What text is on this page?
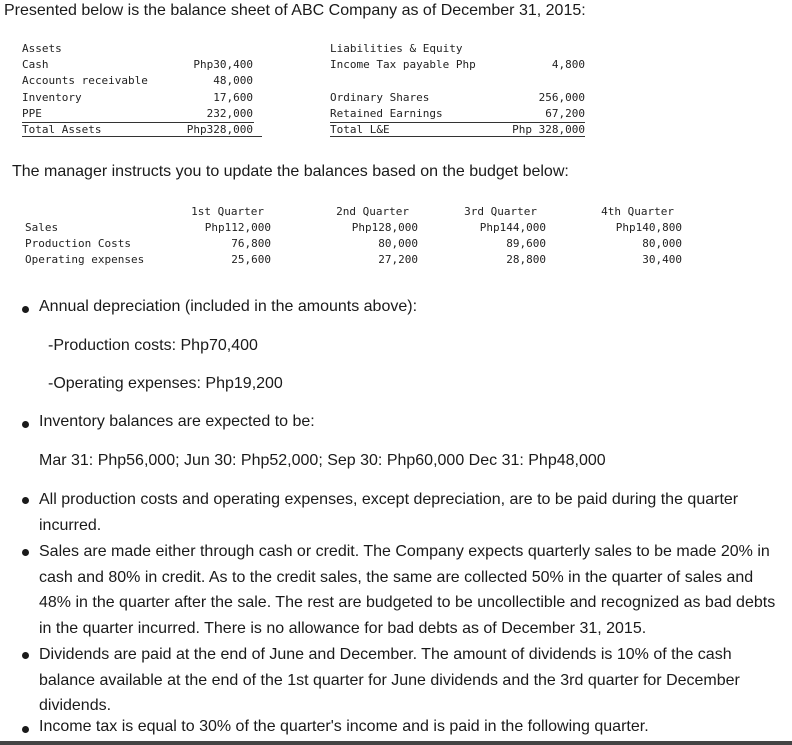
Presented below is the balance sheet of ABC Company as of December 31, 2015:
Assets
Cash	Php30,400
Accounts receivable	48,000
Inventory	17,600
PPE	232,000
Total Assets	Php328,000
Liabilities & Equity
Income Tax payable Php	4,800
Ordinary Shares	256,000
Retained Earnings	67,200
Total L&E	Php 328,000
The manager instructs you to update the balances based on the budget below:
1st Quarter	2nd Quarter	3rd Quarter	4th Quarter
Sales	Php112,000	Php128,000	Php144,000	Php140,800
Production Costs	76,800	80,000	89,600	80,000
Operating expenses	25,600	27,200	28,800	30,400
Annual depreciation (included in the amounts above):
-Production costs: Php70,400
-Operating expenses: Php19,200
Inventory balances are expected to be:
Mar 31: Php56,000; Jun 30: Php52,000; Sep 30: Php60,000 Dec 31: Php48,000
All production costs and operating expenses, except depreciation, are to be paid during the quarter incurred.
Sales are made either through cash or credit. The Company expects quarterly sales to be made 20% in cash and 80% in credit. As to the credit sales, the same are collected 50% in the quarter of sales and 48% in the quarter after the sale. The rest are budgeted to be uncollectible and recognized as bad debts in the quarter incurred. There is no allowance for bad debts as of December 31, 2015.
Dividends are paid at the end of June and December. The amount of dividends is 10% of the cash balance available at the end of the 1st quarter for June dividends and the 3rd quarter for December dividends.
Income tax is equal to 30% of the quarter's income and is paid in the following quarter.
